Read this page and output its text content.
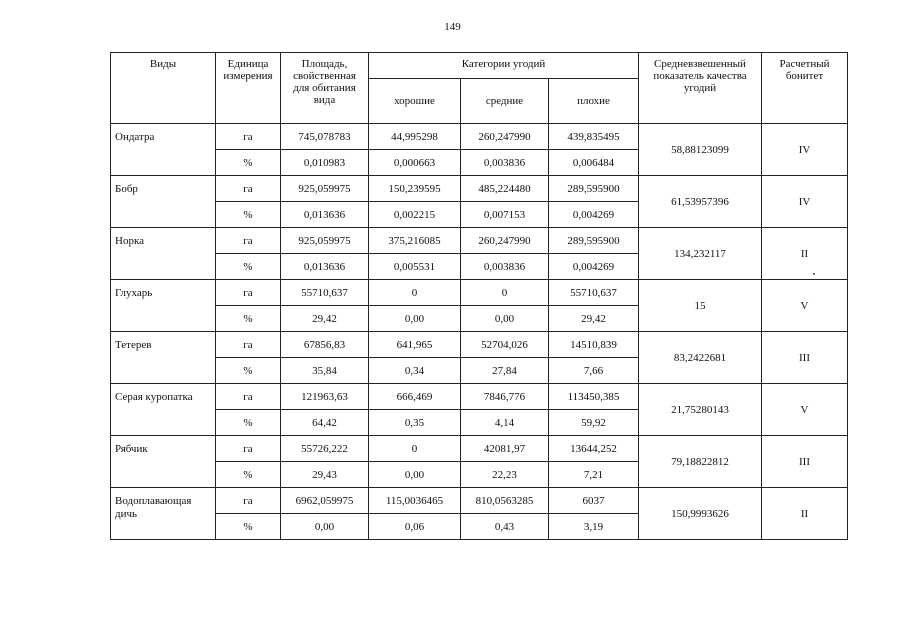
149
Виды	Единица измерения	Площадь, свойственная для обитания вида	Категории угодий			Средневзвешенный показатель качества угодий	Расчетный бонитет
			хорошие	средние	плохие		
Ондатра	га	745,078783	44,995298	260,247990	439,835495	58,88123099	IV
	%	0,010983	0,000663	0,003836	0,006484		
Бобр	га	925,059975	150,239595	485,224480	289,595900	61,53957396	IV
	%	0,013636	0,002215	0,007153	0,004269		
Норка	га	925,059975	375,216085	260,247990	289,595900	134,232117	II
	%	0,013636	0,005531	0,003836	0,004269		
Глухарь	га	55710,637	0	0	55710,637	15	V
	%	29,42	0,00	0,00	29,42		
Тетерев	га	67856,83	641,965	52704,026	14510,839	83,2422681	III
	%	35,84	0,34	27,84	7,66		
Серая куропатка	га	121963,63	666,469	7846,776	113450,385	21,75280143	V
	%	64,42	0,35	4,14	59,92		
Рябчик	га	55726,222	0	42081,97	13644,252	79,18822812	III
	%	29,43	0,00	22,23	7,21		
Водоплавающая дичь	га	6962,059975	115,0036465	810,0563285	6037	150,9993626	II
	%	0,00	0,06	0,43	3,19		
